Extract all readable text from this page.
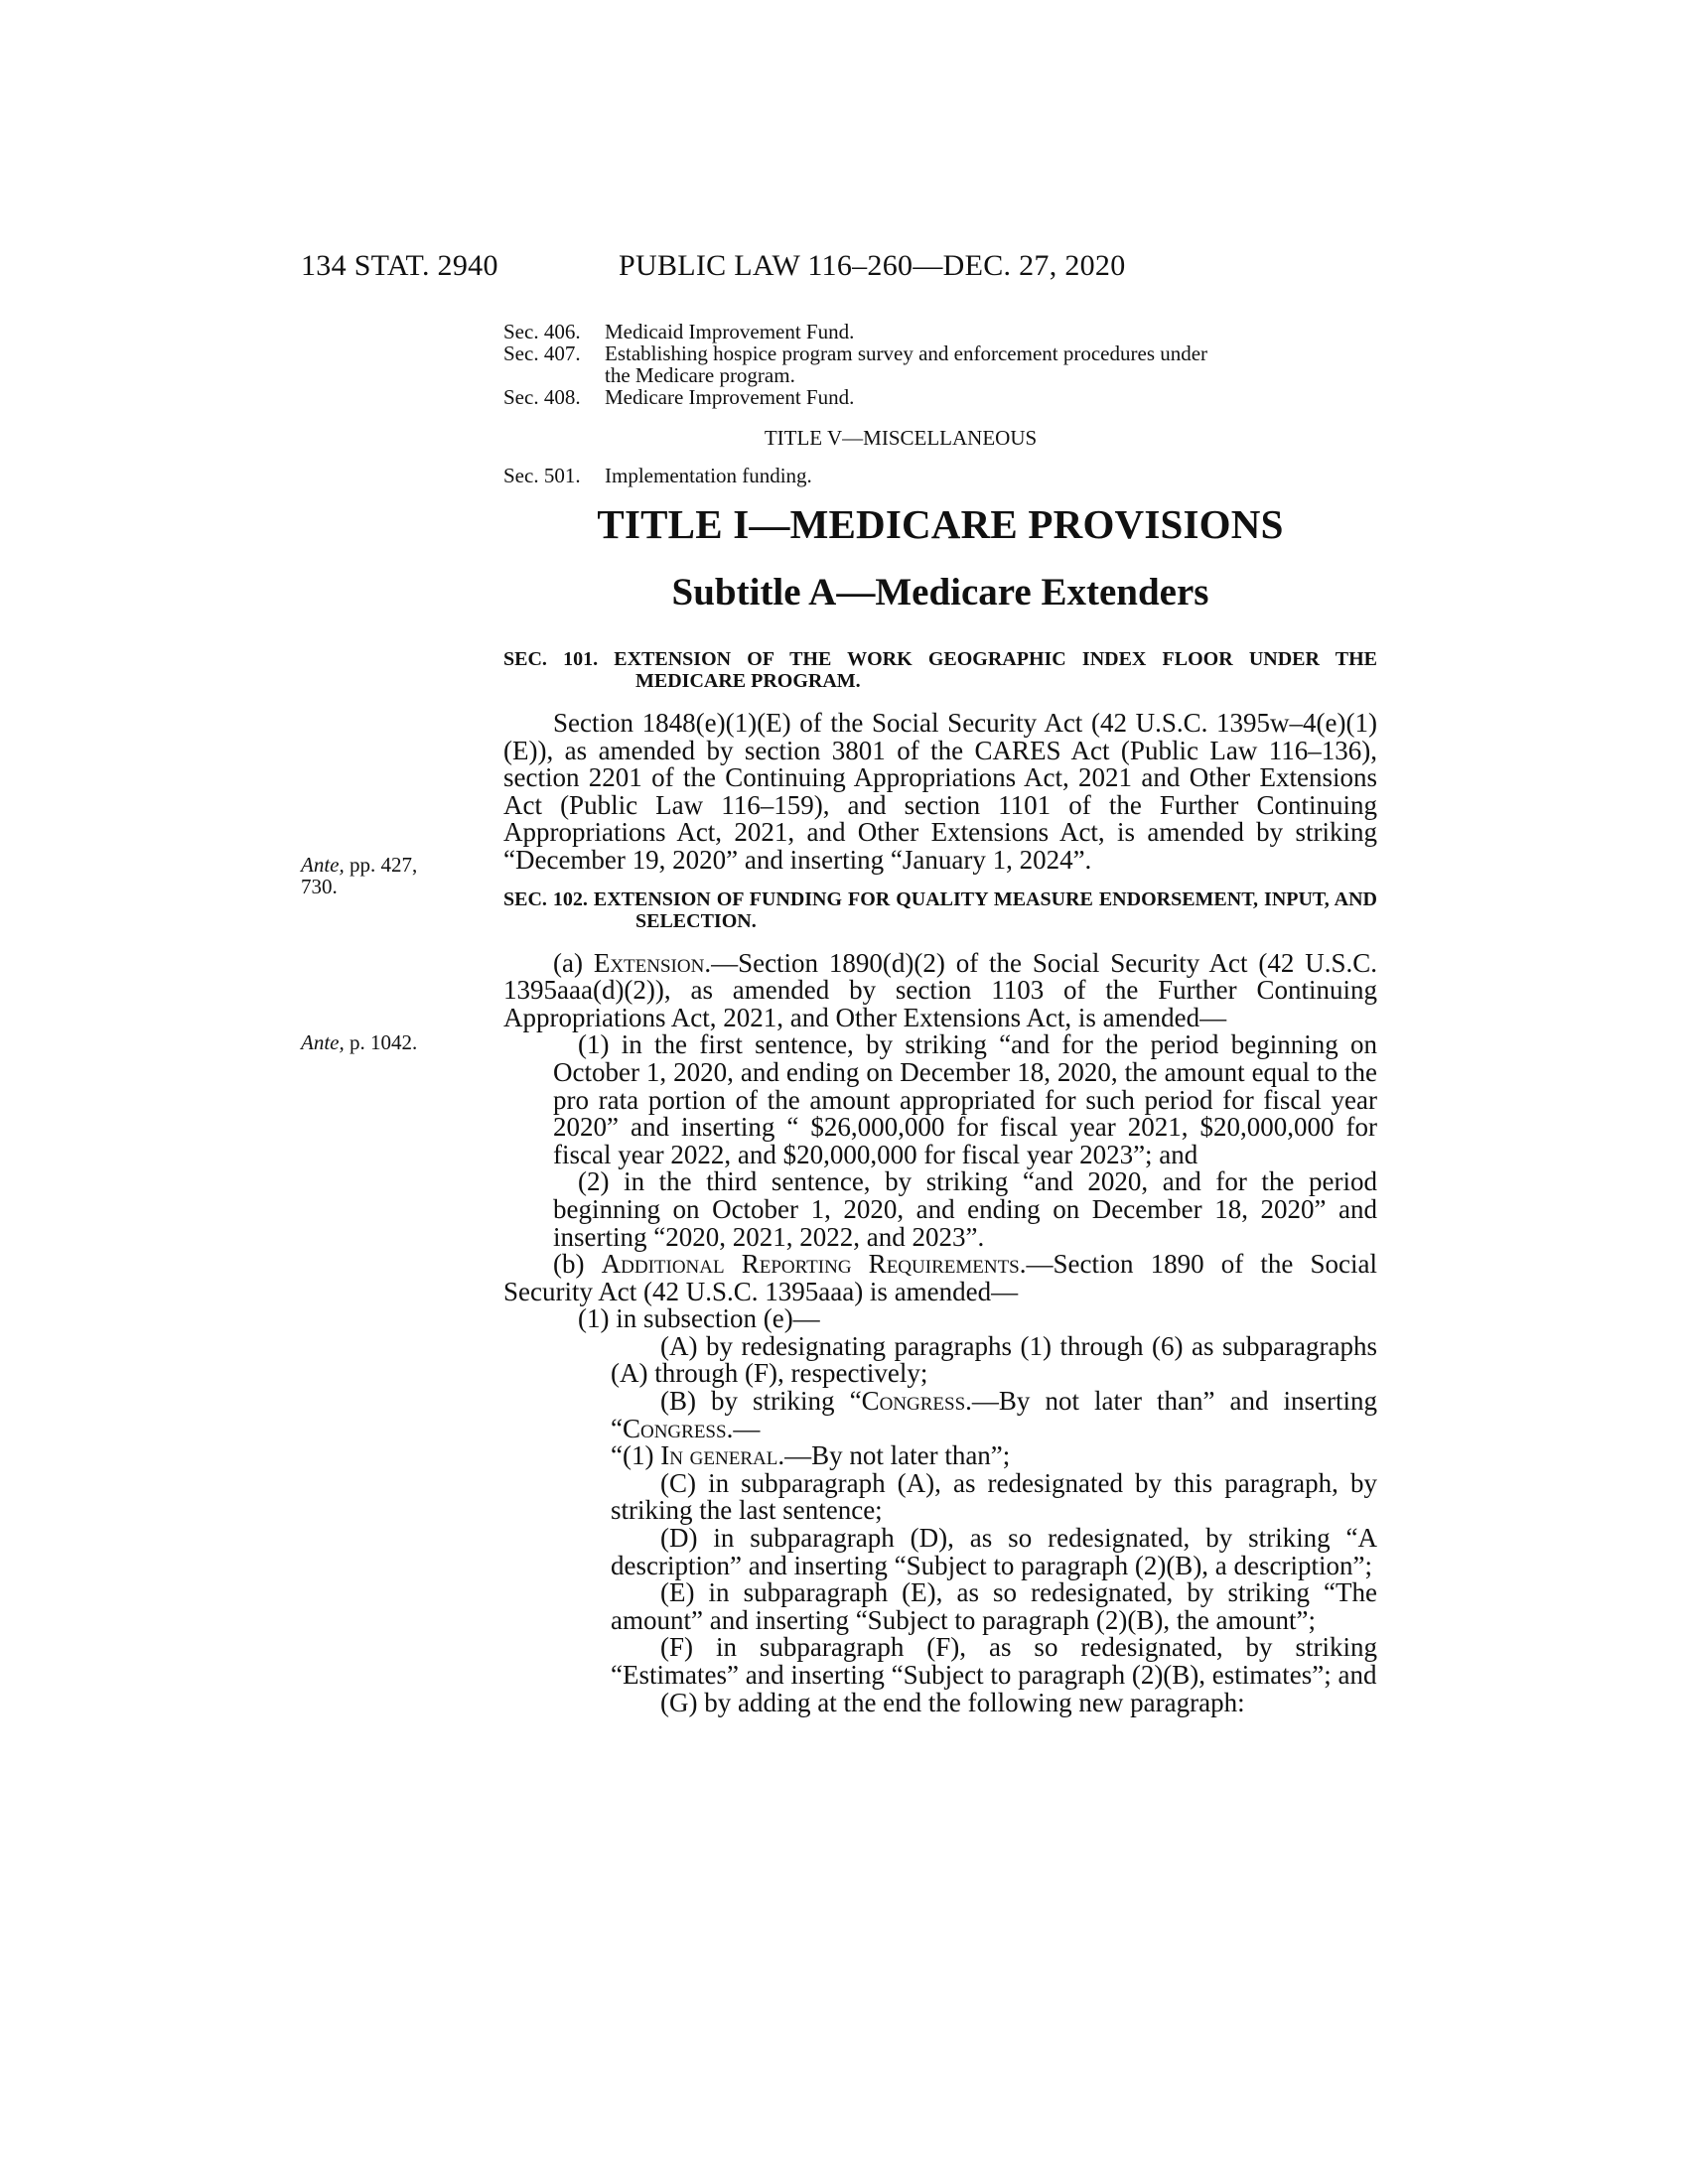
134 STAT. 2940	PUBLIC LAW 116–260—DEC. 27, 2020
Sec. 406.	Medicaid Improvement Fund.
Sec. 407.	Establishing hospice program survey and enforcement procedures under
the Medicare program.
Sec. 408.	Medicare Improvement Fund.
TITLE V—MISCELLANEOUS
Sec. 501.	Implementation funding.
TITLE I—MEDICARE PROVISIONS
Subtitle A—Medicare Extenders
SEC. 101. EXTENSION OF THE WORK GEOGRAPHIC INDEX FLOOR UNDER THE MEDICARE PROGRAM.

Section 1848(e)(1)(E) of the Social Security Act (42 U.S.C. 1395w–4(e)(1)(E)), as amended by section 3801 of the CARES Act (Public Law 116–136), section 2201 of the Continuing Appropriations Act, 2021 and Other Extensions Act (Public Law 116–159), and section 1101 of the Further Continuing Appropriations Act, 2021, and Other Extensions Act, is amended by striking “December 19, 2020” and inserting “January 1, 2024”.

SEC. 102. EXTENSION OF FUNDING FOR QUALITY MEASURE ENDORSEMENT, INPUT, AND SELECTION.

(a) Extension.—Section 1890(d)(2) of the Social Security Act (42 U.S.C. 1395aaa(d)(2)), as amended by section 1103 of the Further Continuing Appropriations Act, 2021, and Other Extensions Act, is amended—

(1) in the first sentence, by striking “and for the period beginning on October 1, 2020, and ending on December 18, 2020, the amount equal to the pro rata portion of the amount appropriated for such period for fiscal year 2020” and inserting “ $26,000,000 for fiscal year 2021, $20,000,000 for fiscal year 2022, and $20,000,000 for fiscal year 2023”; and

(2) in the third sentence, by striking “and 2020, and for the period beginning on October 1, 2020, and ending on December 18, 2020” and inserting “2020, 2021, 2022, and 2023”.

(b) Additional Reporting Requirements.—Section 1890 of the Social Security Act (42 U.S.C. 1395aaa) is amended—

(1) in subsection (e)—

(A) by redesignating paragraphs (1) through (6) as subparagraphs (A) through (F), respectively;

(B) by striking “Congress.—By not later than” and inserting “Congress.—

“(1) In general.—By not later than”;

(C) in subparagraph (A), as redesignated by this paragraph, by striking the last sentence;

(D) in subparagraph (D), as so redesignated, by striking “A description” and inserting “Subject to paragraph (2)(B), a description”;

(E) in subparagraph (E), as so redesignated, by striking “The amount” and inserting “Subject to paragraph (2)(B), the amount”;

(F) in subparagraph (F), as so redesignated, by striking “Estimates” and inserting “Subject to paragraph (2)(B), estimates”; and

(G) by adding at the end the following new paragraph:

Ante, pp. 427,
730.
Ante, p. 1042.
